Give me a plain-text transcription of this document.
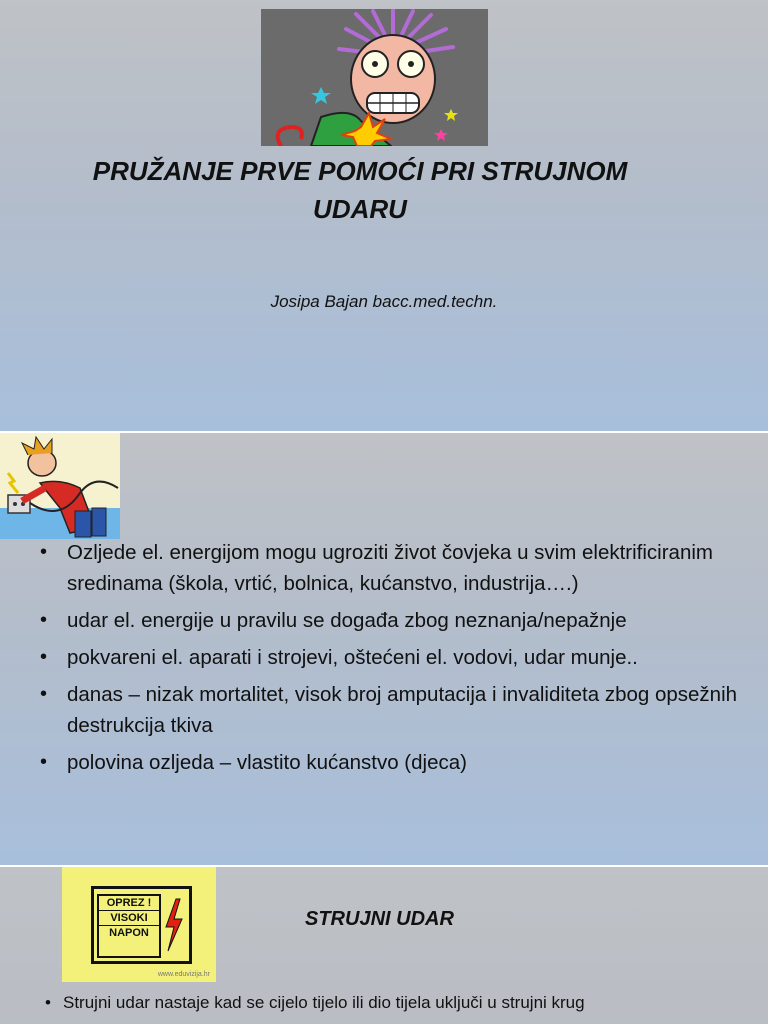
PRUŽANJE PRVE POMOĆI PRI STRUJNOM UDARU
Josipa Bajan bacc.med.techn.
• Ozljede el. energijom mogu ugroziti život čovjeka u svim elektrificiranim sredinama (škola, vrtić, bolnica, kućanstvo, industrija….)
• udar el. energije u pravilu se događa zbog neznanja/nepažnje
• pokvareni el. aparati i strojevi, oštećeni el. vodovi, udar munje..
• danas – nizak mortalitet, visok broj amputacija i invaliditeta zbog opsežnih destrukcija tkiva
• polovina ozljeda – vlastito kućanstvo (djeca)
OPREZ !
VISOKI
NAPON
www.eduvizija.hr
STRUJNI UDAR
• Strujni udar nastaje kad se cijelo tijelo ili dio tijela uključi u strujni krug
